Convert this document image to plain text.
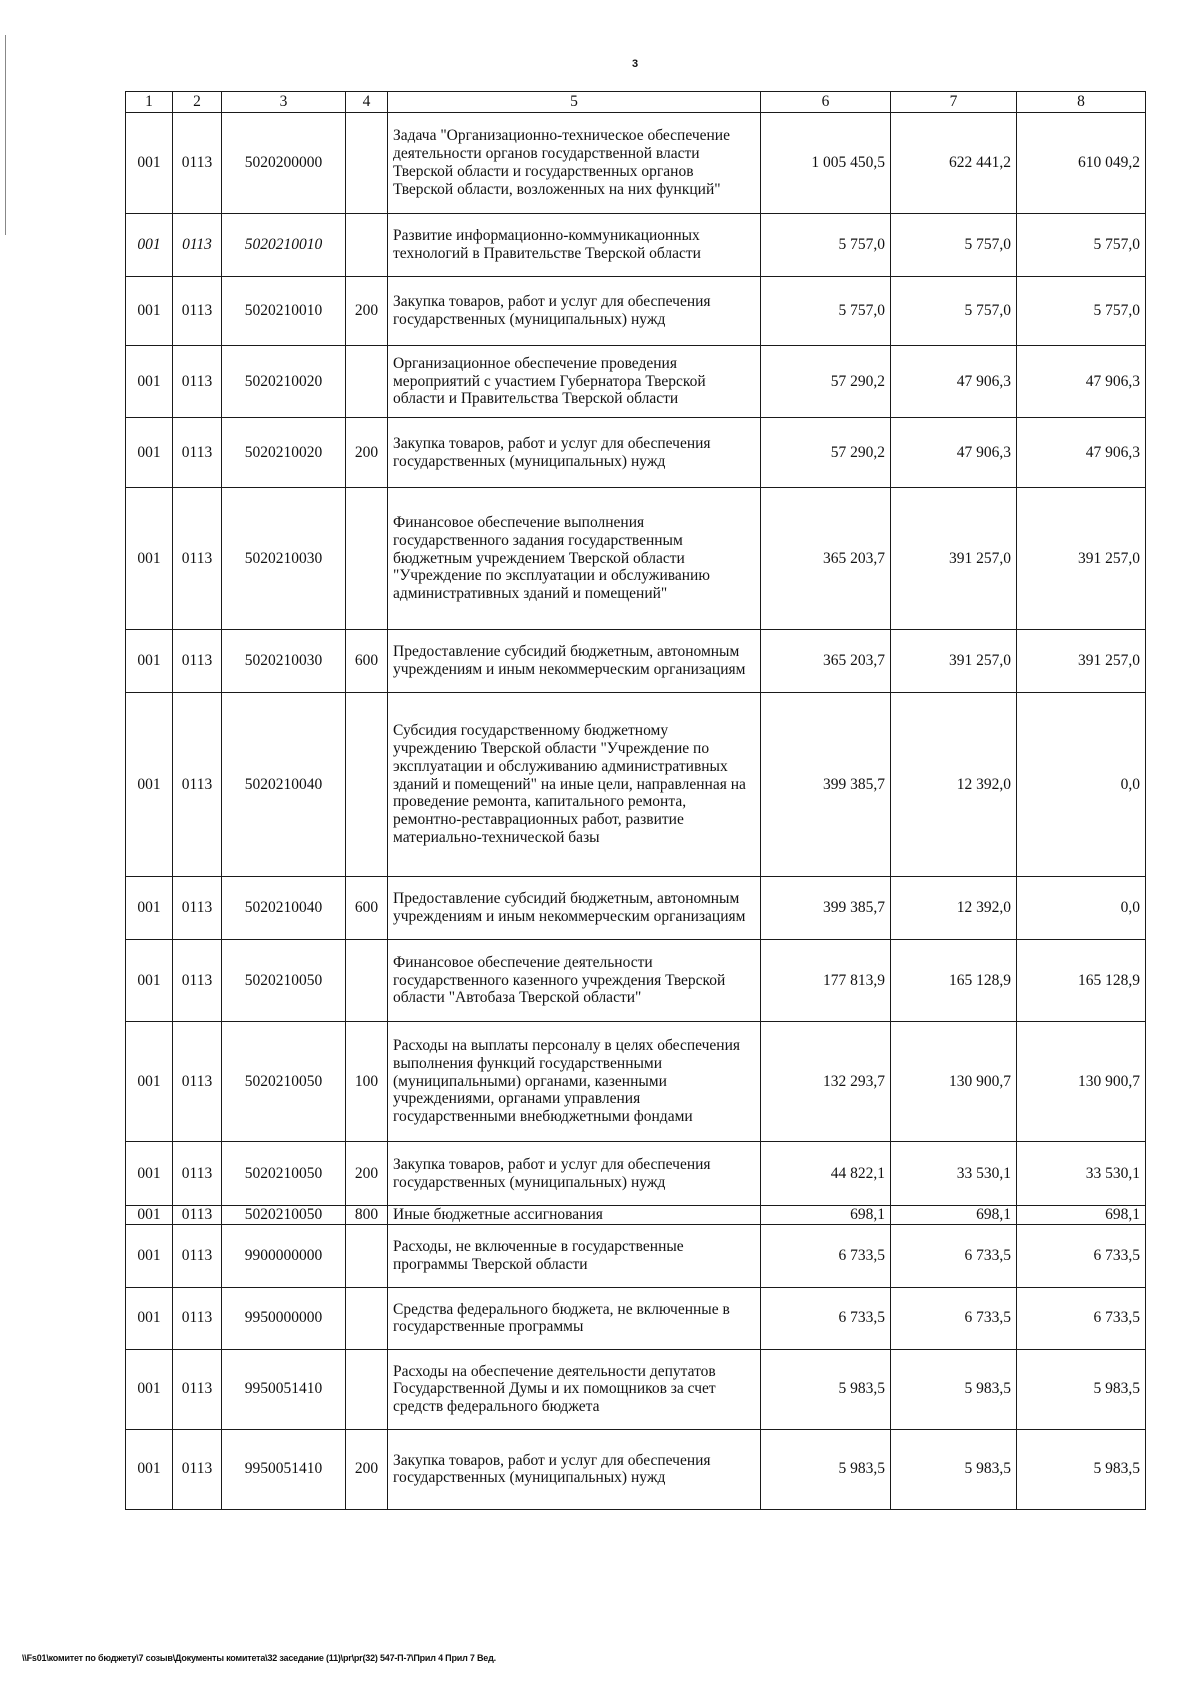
3
1	2	3	4	5	6	7	8
001	0113	5020200000		Задача "Организационно-техническое обеспечение деятельности органов государственной власти Тверской области и государственных органов Тверской области, возложенных на них функций"	1 005 450,5	622 441,2	610 049,2
001	0113	5020210010		Развитие информационно-коммуникационных технологий в Правительстве Тверской области	5 757,0	5 757,0	5 757,0
001	0113	5020210010	200	Закупка товаров, работ и услуг для обеспечения государственных (муниципальных) нужд	5 757,0	5 757,0	5 757,0
001	0113	5020210020		Организационное обеспечение проведения мероприятий с участием Губернатора Тверской области и Правительства Тверской области	57 290,2	47 906,3	47 906,3
001	0113	5020210020	200	Закупка товаров, работ и услуг для обеспечения государственных (муниципальных) нужд	57 290,2	47 906,3	47 906,3
001	0113	5020210030		Финансовое обеспечение выполнения государственного задания государственным бюджетным учреждением Тверской области "Учреждение по эксплуатации и обслуживанию административных зданий и помещений"	365 203,7	391 257,0	391 257,0
001	0113	5020210030	600	Предоставление субсидий бюджетным, автономным учреждениям и иным некоммерческим организациям	365 203,7	391 257,0	391 257,0
001	0113	5020210040		Субсидия государственному бюджетному учреждению Тверской области "Учреждение по эксплуатации и обслуживанию административных зданий и помещений" на иные цели, направленная на проведение ремонта, капитального ремонта, ремонтно-реставрационных работ, развитие материально-технической базы	399 385,7	12 392,0	0,0
001	0113	5020210040	600	Предоставление субсидий бюджетным, автономным учреждениям и иным некоммерческим организациям	399 385,7	12 392,0	0,0
001	0113	5020210050		Финансовое обеспечение деятельности государственного казенного учреждения Тверской области "Автобаза Тверской области"	177 813,9	165 128,9	165 128,9
001	0113	5020210050	100	Расходы на выплаты персоналу в целях обеспечения выполнения функций государственными (муниципальными) органами, казенными учреждениями, органами управления государственными внебюджетными фондами	132 293,7	130 900,7	130 900,7
001	0113	5020210050	200	Закупка товаров, работ и услуг для обеспечения государственных (муниципальных) нужд	44 822,1	33 530,1	33 530,1
001	0113	5020210050	800	Иные бюджетные ассигнования	698,1	698,1	698,1
001	0113	9900000000		Расходы, не включенные в государственные программы Тверской области	6 733,5	6 733,5	6 733,5
001	0113	9950000000		Средства федерального бюджета, не включенные в государственные программы	6 733,5	6 733,5	6 733,5
001	0113	9950051410		Расходы на обеспечение деятельности депутатов Государственной Думы и их помощников за счет средств федерального бюджета	5 983,5	5 983,5	5 983,5
001	0113	9950051410	200	Закупка товаров, работ и услуг для обеспечения государственных (муниципальных) нужд	5 983,5	5 983,5	5 983,5
\\Fs01\комитет по бюджету\7 созыв\Документы комитета\32 заседание (11)\pr\pr(32) 547-П-7\Прил 4 Прил 7 Вед.
